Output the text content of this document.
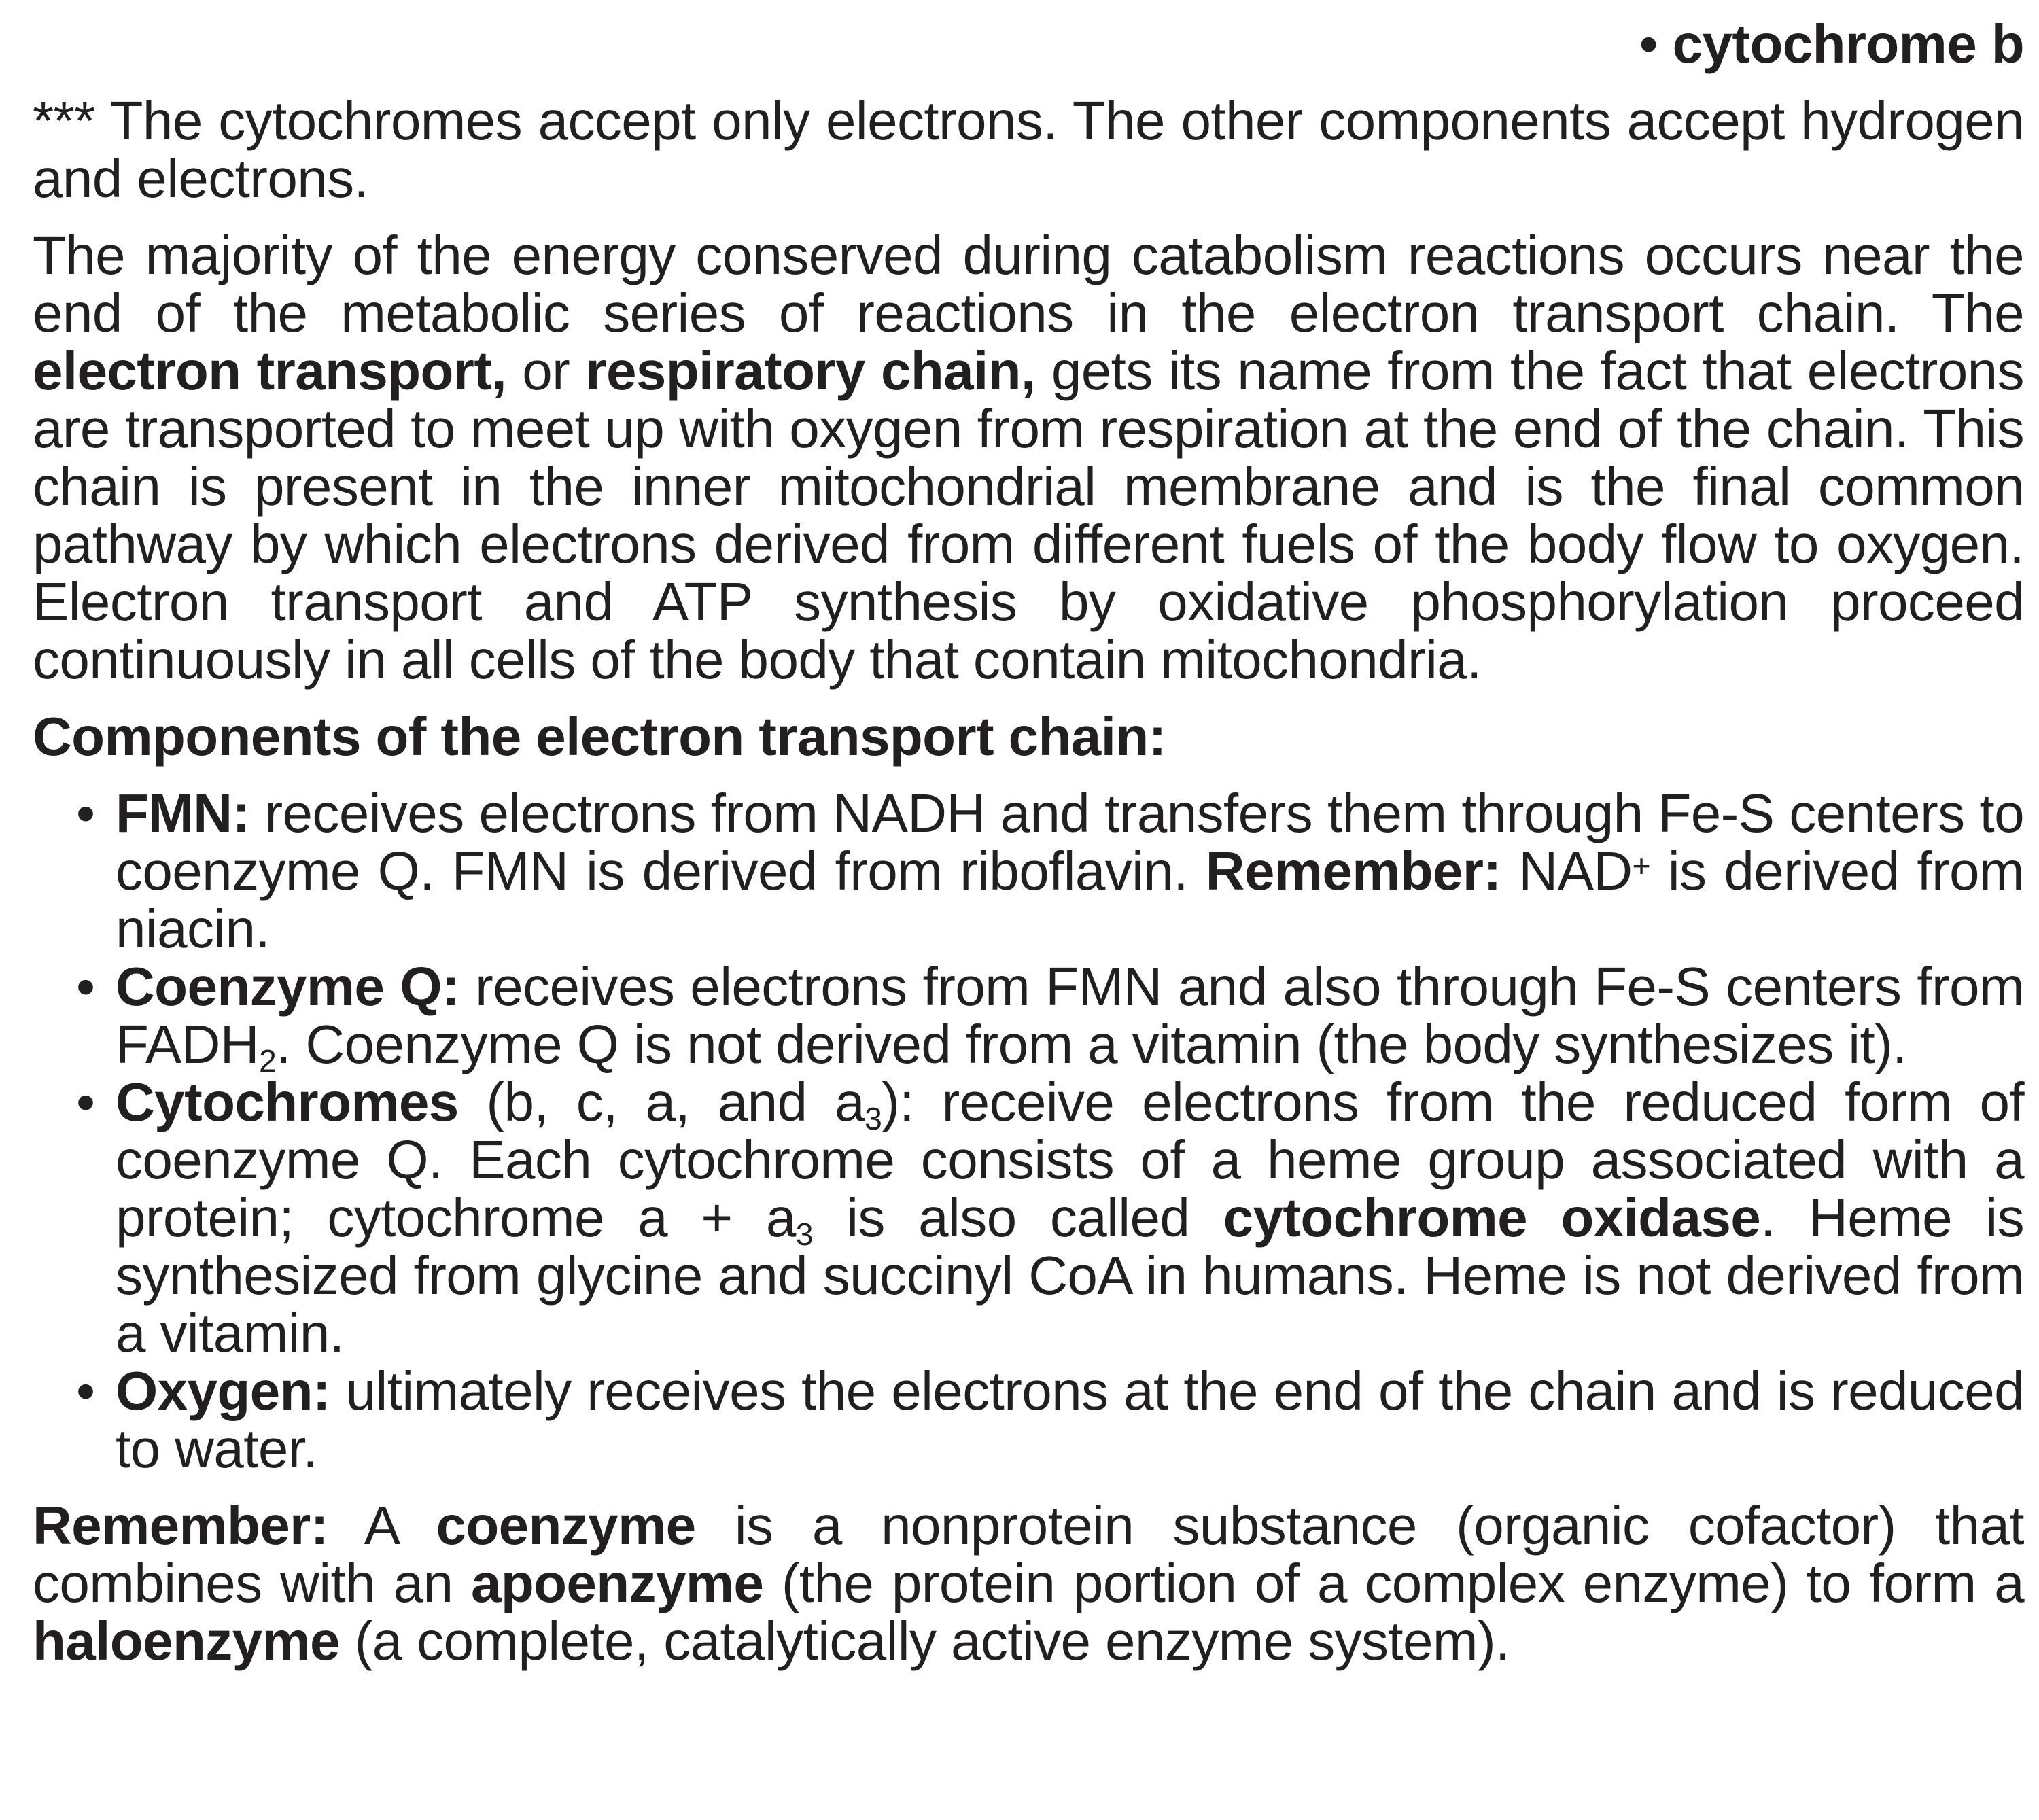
• cytochrome b

*** The cytochromes accept only electrons. The other components accept hydrogen and electrons.

The majority of the energy conserved during catabolism reactions occurs near the end of the metabolic series of reactions in the electron transport chain. The electron transport, or respiratory chain, gets its name from the fact that electrons are transported to meet up with oxygen from respiration at the end of the chain. This chain is present in the inner mitochondrial membrane and is the final common pathway by which electrons derived from different fuels of the body flow to oxygen. Electron transport and ATP synthesis by oxidative phosphorylation proceed continuously in all cells of the body that contain mitochondria.

Components of the electron transport chain:

• FMN: receives electrons from NADH and transfers them through Fe-S centers to coenzyme Q. FMN is derived from riboflavin. Remember: NAD+ is derived from niacin.
• Coenzyme Q: receives electrons from FMN and also through Fe-S centers from $FADH_2$. Coenzyme Q is not derived from a vitamin (the body synthesizes it).
• Cytochromes (b, c, a, and $a_3$): receive electrons from the reduced form of coenzyme Q. Each cytochrome consists of a heme group associated with a protein; cytochrome $a + a_3$ is also called cytochrome oxidase. Heme is synthesized from glycine and succinyl CoA in humans. Heme is not derived from a vitamin.
• Oxygen: ultimately receives the electrons at the end of the chain and is reduced to water.

Remember: A coenzyme is a nonprotein substance (organic cofactor) that combines with an apoenzyme (the protein portion of a complex enzyme) to form a haloenzyme (a complete, catalytically active enzyme system).
